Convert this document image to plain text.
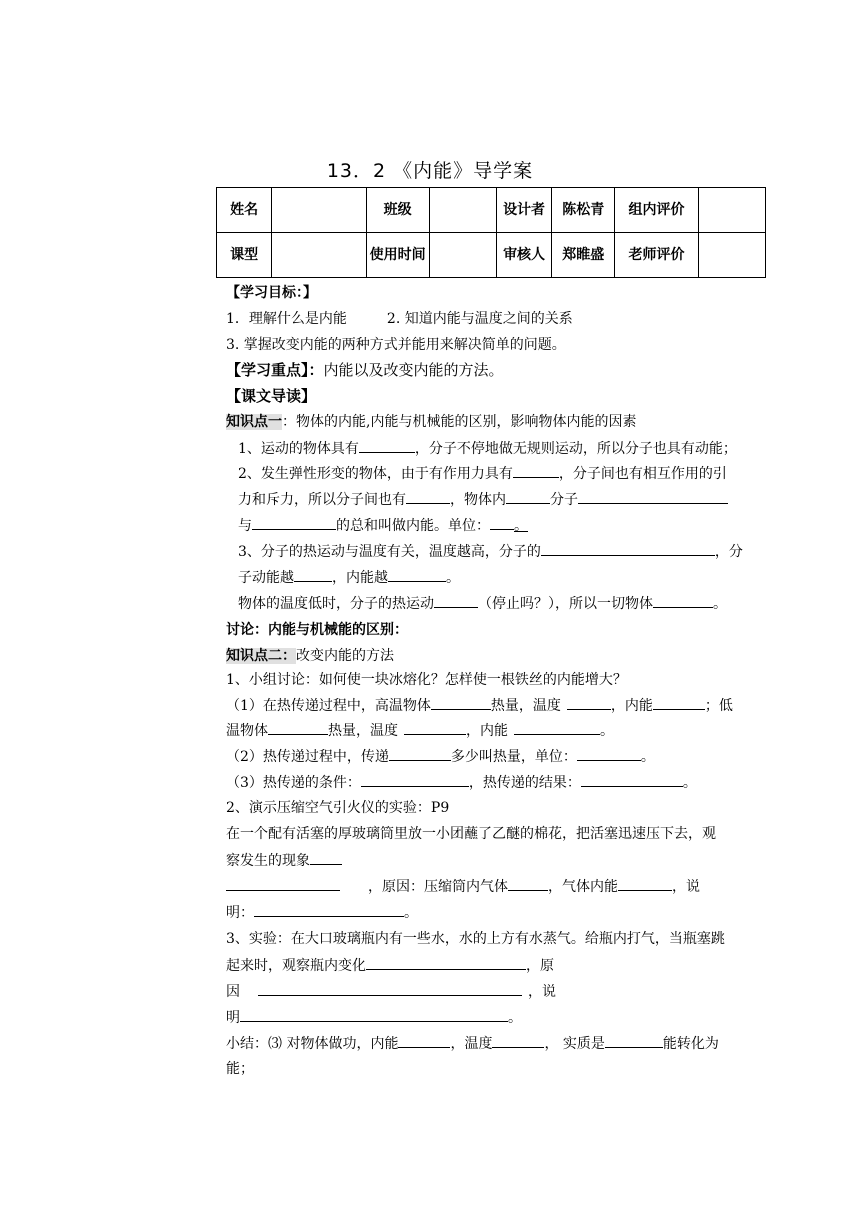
13．2 《内能》导学案
姓名		班级		设计者	陈松青	组内评价	
课型		使用时间		审核人	郑睢盛	老师评价	
【学习目标：】
1．理解什么是内能	2. 知道内能与温度之间的关系
3. 掌握改变内能的两种方式并能用来解决简单的问题。
【学习重点】：内能以及改变内能的方法。
【课文导读】
知识点一：物体的内能,内能与机械能的区别，影响物体内能的因素
1、运动的物体具有	，分子不停地做无规则运动，所以分子也具有动能；
2、发生弹性形变的物体，由于有作用力具有	，分子间也有相互作用的引
力和斥力，所以分子间也有	，物体内	分子
与	的总和叫做内能。单位： 。
3、分子的热运动与温度有关，温度越高，分子的	，分
子动能越	，内能越	。
物体的温度低时，分子的热运动	（停止吗？），所以一切物体	。
讨论：内能与机械能的区别：
知识点二：改变内能的方法
1、小组讨论：如何使一块冰熔化？怎样使一根铁丝的内能增大？
（1）在热传递过程中，高温物体	热量，温度	，内能	；低
温物体	热量，温度	，内能	。
（2）热传递过程中，传递	多少叫热量，单位：	。
（3）热传递的条件：	，热传递的结果：	。
2、演示压缩空气引火仪的实验：P9
在一个配有活塞的厚玻璃筒里放一小团蘸了乙醚的棉花，把活塞迅速压下去，观
察发生的现象
，原因：压缩筒内气体	，气体内能	，说
明：	。
3、实验：在大口玻璃瓶内有一些水，水的上方有水蒸气。给瓶内打气，当瓶塞跳
起来时，观察瓶内变化	，原
因	，说
明	。
小结：⑶ 对物体做功，内能	，温度	， 实质是	能转化为
能；
